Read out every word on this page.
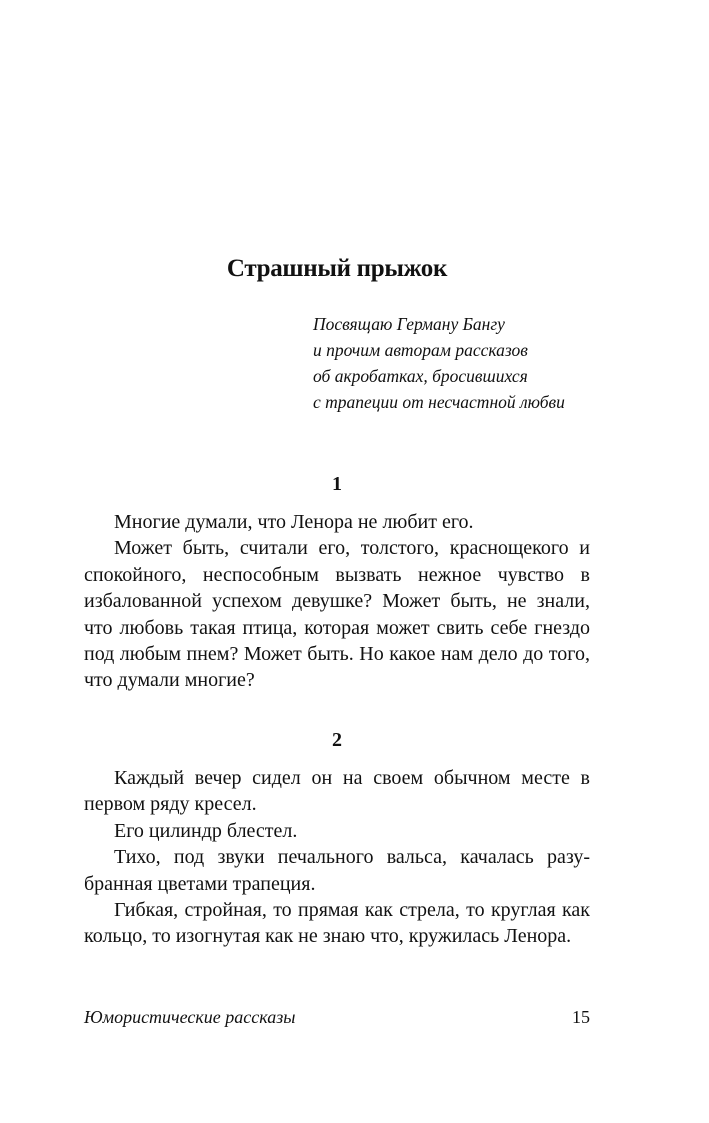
Страшный прыжок
Посвящаю Герману Бангу
и прочим авторам рассказов
об акробатках, бросившихся
с трапеции от несчастной любви
1

Многие думали, что Ленора не любит его.

Может быть, считали его, толстого, краснощекого и спокойного, неспособным вызвать нежное чувство в избалованной успехом девушке? Может быть, не знали, что любовь такая птица, которая может свить себе гнездо под любым пнем? Может быть. Но какое нам дело до того, что думали многие?

2

Каждый вечер сидел он на своем обычном месте в первом ряду кресел.

Его цилиндр блестел.

Тихо, под звуки печального вальса, качалась разу-бранная цветами трапеция.

Гибкая, стройная, то прямая как стрела, то круглая как кольцо, то изогнутая как не знаю что, кружилась Ленора.

Юмористические рассказы	15
